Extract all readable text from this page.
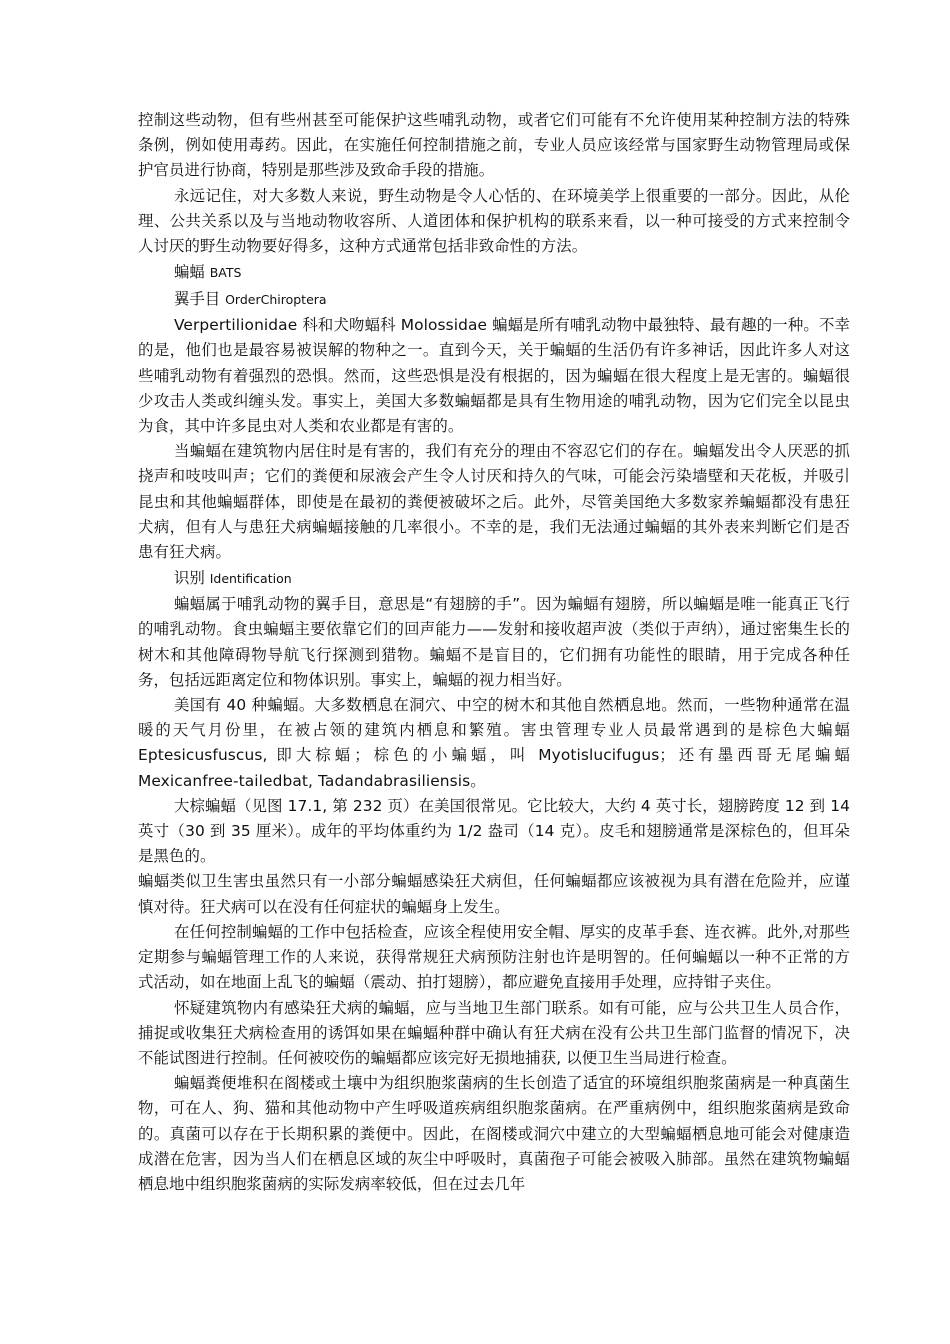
控制这些动物，但有些州甚至可能保护这些哺乳动物，或者它们可能有不允许使用某种控制方法的特殊条例，例如使用毒药。因此，在实施任何控制措施之前，专业人员应该经常与国家野生动物管理局或保护官员进行协商，特别是那些涉及致命手段的措施。

永远记住，对大多数人来说，野生动物是令人心恬的、在环境美学上很重要的一部分。因此，从伦理、公共关系以及与当地动物收容所、人道团体和保护机构的联系来看，以一种可接受的方式来控制令人讨厌的野生动物要好得多，这种方式通常包括非致命性的方法。

蝙蝠 BATS

翼手目 OrderChiroptera

Verpertilionidae 科和犬吻蝠科 Molossidae 蝙蝠是所有哺乳动物中最独特、最有趣的一种。不幸的是，他们也是最容易被误解的物种之一。直到今天，关于蝙蝠的生活仍有许多神话，因此许多人对这些哺乳动物有着强烈的恐惧。然而，这些恐惧是没有根据的，因为蝙蝠在很大程度上是无害的。蝙蝠很少攻击人类或纠缠头发。事实上，美国大多数蝙蝠都是具有生物用途的哺乳动物，因为它们完全以昆虫为食，其中许多昆虫对人类和农业都是有害的。

当蝙蝠在建筑物内居住时是有害的，我们有充分的理由不容忍它们的存在。蝙蝠发出令人厌恶的抓挠声和吱吱叫声；它们的粪便和尿液会产生令人讨厌和持久的气味，可能会污染墙壁和天花板，并吸引昆虫和其他蝙蝠群体，即使是在最初的粪便被破坏之后。此外，尽管美国绝大多数家养蝙蝠都没有患狂犬病，但有人与患狂犬病蝙蝠接触的几率很小。不幸的是，我们无法通过蝙蝠的其外表来判断它们是否患有狂犬病。

识别 Identification

蝙蝠属于哺乳动物的翼手目，意思是“有翅膀的手”。因为蝙蝠有翅膀，所以蝙蝠是唯一能真正飞行的哺乳动物。食虫蝙蝠主要依靠它们的回声能力——发射和接收超声波（类似于声纳），通过密集生长的树木和其他障碍物导航飞行探测到猎物。蝙蝠不是盲目的，它们拥有功能性的眼睛，用于完成各种任务，包括远距离定位和物体识别。事实上，蝙蝠的视力相当好。

美国有 40 种蝙蝠。大多数栖息在洞穴、中空的树木和其他自然栖息地。然而，一些物种通常在温暖的天气月份里，在被占领的建筑内栖息和繁殖。害虫管理专业人员最常遇到的是棕色大蝙蝠 Eptesicusfuscus, 即大棕蝠；棕色的小蝙蝠，叫 Myotislucifugus；还有墨西哥无尾蝙蝠 Mexicanfree-tailedbat, Tadandabrasiliensis。

大棕蝙蝠（见图 17.1, 第 232 页）在美国很常见。它比较大，大约 4 英寸长，翅膀跨度 12 到 14 英寸（30 到 35 厘米）。成年的平均体重约为 1/2 盎司（14 克）。皮毛和翅膀通常是深棕色的，但耳朵是黑色的。

蝙蝠类似卫生害虫虽然只有一小部分蝙蝠感染狂犬病但，任何蝙蝠都应该被视为具有潜在危险并，应谨慎对待。狂犬病可以在没有任何症状的蝙蝠身上发生。

在任何控制蝙蝠的工作中包括检查，应该全程使用安全帽、厚实的皮革手套、连衣裤。此外,对那些定期参与蝙蝠管理工作的人来说，获得常规狂犬病预防注射也许是明智的。任何蝙蝠以一种不正常的方式活动，如在地面上乱飞的蝙蝠（震动、拍打翅膀），都应避免直接用手处理，应持钳子夹住。

怀疑建筑物内有感染狂犬病的蝙蝠，应与当地卫生部门联系。如有可能，应与公共卫生人员合作，捕捉或收集狂犬病检查用的诱饵如果在蝙蝠种群中确认有狂犬病在没有公共卫生部门监督的情况下，决不能试图进行控制。任何被咬伤的蝙蝠都应该完好无损地捕获, 以便卫生当局进行检查。

蝙蝠粪便堆积在阁楼或土壤中为组织胞浆菌病的生长创造了适宜的环境组织胞浆菌病是一种真菌生物，可在人、狗、猫和其他动物中产生呼吸道疾病组织胞浆菌病。在严重病例中，组织胞浆菌病是致命的。真菌可以存在于长期积累的粪便中。因此，在阁楼或洞穴中建立的大型蝙蝠栖息地可能会对健康造成潜在危害，因为当人们在栖息区域的灰尘中呼吸时，真菌孢子可能会被吸入肺部。虽然在建筑物蝙蝠栖息地中组织胞浆菌病的实际发病率较低，但在过去几年
